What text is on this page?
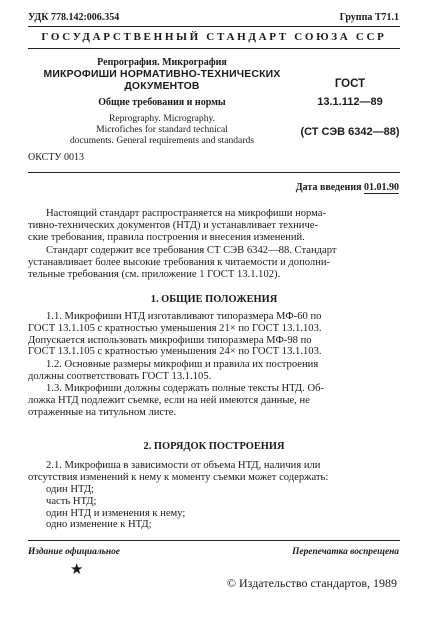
УДК 778.142:006.354	Группа Т71.1
ГОСУДАРСТВЕННЫЙ СТАНДАРТ СОЮЗА ССР
Репрография. Микрография
МИКРОФИШИ НОРМАТИВНО-ТЕХНИЧЕСКИХ
ДОКУМЕНТОВ
Общие требования и нормы
Reprography. Micrography.
Microfiches for standard technical
documents. General requirements and standards
ГОСТ
13.1.112—89
(СТ СЭВ 6342—88)
ОКСТУ 0013
Дата введения 01.01.90
Настоящий стандарт распространяется на микрофиши норма-
тивно-технических документов (НТД) и устанавливает техниче-
ские требования, правила построения и внесения изменений.
Стандарт содержит все требования СТ СЭВ 6342—88. Стандарт
устанавливает более высокие требования к читаемости и дополни-
тельные требования (см. приложение 1 ГОСТ 13.1.102).
1. ОБЩИЕ ПОЛОЖЕНИЯ
1.1. Микрофиши НТД изготавливают типоразмера МФ-60 по
ГОСТ 13.1.105 с кратностью уменьшения 21× по ГОСТ 13.1.103.
Допускается использовать микрофиши типоразмера МФ-98 по
ГОСТ 13.1.105 с кратностью уменьшения 24× по ГОСТ 13.1.103.
1.2. Основные размеры микрофиш и правила их построения
должны соответствовать ГОСТ 13.1.105.
1.3. Микрофиши должны содержать полные тексты НТД. Об-
ложка НТД подлежит съемке, если на ней имеются данные, не
отраженные на титульном листе.
2. ПОРЯДОК ПОСТРОЕНИЯ
2.1. Микрофиша в зависимости от объема НТД, наличия или
отсутствия изменений к нему к моменту съемки может содержать:
один НТД;
часть НТД;
один НТД и изменения к нему;
одно изменение к НТД;
Издание официальное	Перепечатка воспрещена
★
© Издательство стандартов, 1989
